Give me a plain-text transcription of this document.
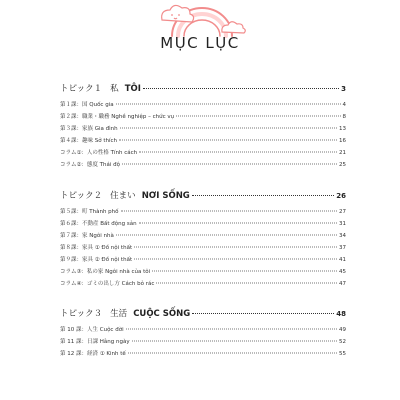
MỤC LỤC
トピック１ 私 TÔI	3
第１課：国 Quốc gia	4
第２課：職業・職務 Nghề nghiệp – chức vụ	8
第３課：家族 Gia đình	13
第４課：趣味 Sở thích	16
コラム①：人の性格 Tính cách	21
コラム②：態度 Thái độ	25
トピック２ 住まい NƠI SỐNG	26
第５課：町 Thành phố	27
第６課：不動産 Bất động sản	31
第７課：家 Ngôi nhà	34
第８課：家具 ① Đồ nội thất	37
第９課：家具 ② Đồ nội thất	41
コラム③：私の家 Ngôi nhà của tôi	45
コラム④：ゴミの出し方 Cách bỏ rác	47
トピック３ 生活 CUỘC SỐNG	48
第 10 課：人生 Cuộc đời	49
第 11 課：日課 Hằng ngày	52
第 12 課：経済 ① Kinh tế	55
